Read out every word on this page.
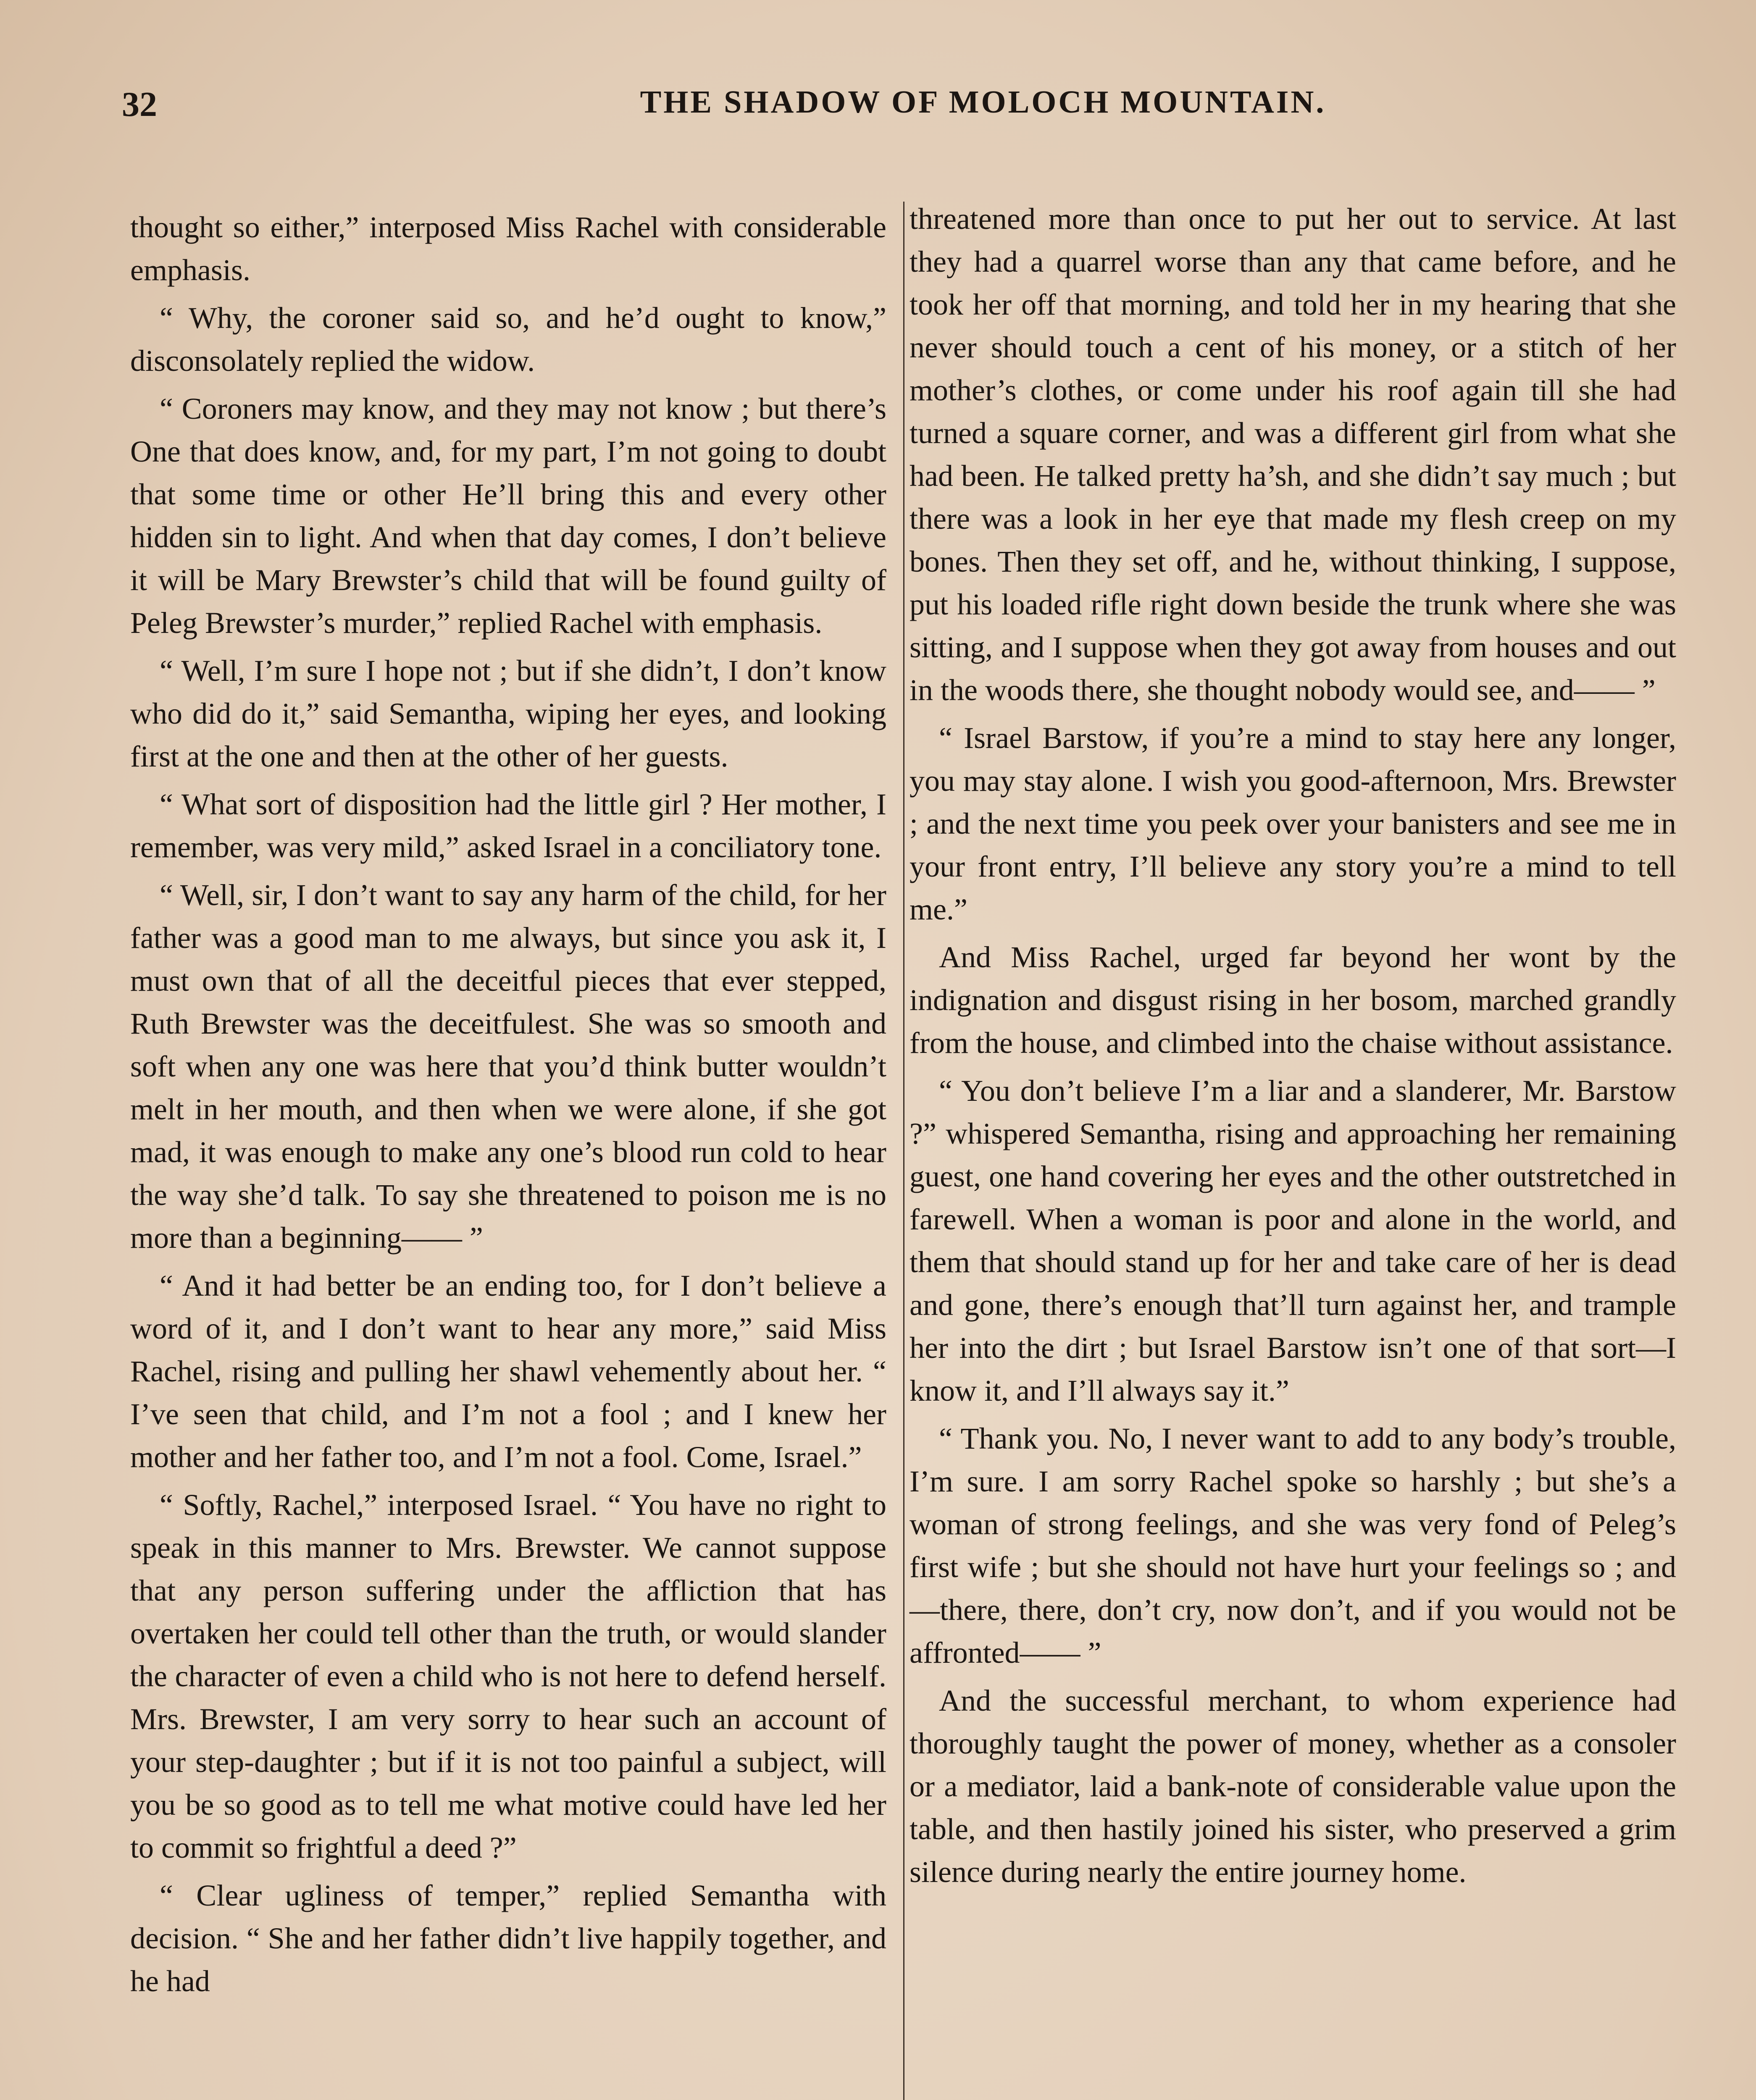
32	THE SHADOW OF MOLOCH MOUNTAIN.

thought so either,” interposed Miss Rachel with considerable emphasis.

“ Why, the coroner said so, and he’d ought to know,” disconsolately replied the widow.

“ Coroners may know, and they may not know ; but there’s One that does know, and, for my part, I’m not going to doubt that some time or other He’ll bring this and every other hidden sin to light. And when that day comes, I don’t believe it will be Mary Brewster’s child that will be found guilty of Peleg Brewster’s murder,” replied Rachel with emphasis.

“ Well, I’m sure I hope not ; but if she didn’t, I don’t know who did do it,” said Semantha, wiping her eyes, and looking first at the one and then at the other of her guests.

“ What sort of disposition had the little girl ? Her mother, I remember, was very mild,” asked Israel in a conciliatory tone.

“ Well, sir, I don’t want to say any harm of the child, for her father was a good man to me always, but since you ask it, I must own that of all the deceitful pieces that ever stepped, Ruth Brewster was the deceitfulest. She was so smooth and soft when any one was here that you’d think butter wouldn’t melt in her mouth, and then when we were alone, if she got mad, it was enough to make any one’s blood run cold to hear the way she’d talk. To say she threatened to poison me is no more than a beginning—— ”

“ And it had better be an ending too, for I don’t believe a word of it, and I don’t want to hear any more,” said Miss Rachel, rising and pulling her shawl vehemently about her. “ I’ve seen that child, and I’m not a fool ; and I knew her mother and her father too, and I’m not a fool. Come, Israel.”

“ Softly, Rachel,” interposed Israel. “ You have no right to speak in this manner to Mrs. Brewster. We cannot suppose that any person suffering under the affliction that has overtaken her could tell other than the truth, or would slander the character of even a child who is not here to defend herself. Mrs. Brewster, I am very sorry to hear such an account of your step-daughter ; but if it is not too painful a subject, will you be so good as to tell me what motive could have led her to commit so frightful a deed ?”

“ Clear ugliness of temper,” replied Semantha with decision. “ She and her father didn’t live happily together, and he had

threatened more than once to put her out to service. At last they had a quarrel worse than any that came before, and he took her off that morning, and told her in my hearing that she never should touch a cent of his money, or a stitch of her mother’s clothes, or come under his roof again till she had turned a square corner, and was a different girl from what she had been. He talked pretty ha’sh, and she didn’t say much ; but there was a look in her eye that made my flesh creep on my bones. Then they set off, and he, without thinking, I suppose, put his loaded rifle right down beside the trunk where she was sitting, and I suppose when they got away from houses and out in the woods there, she thought nobody would see, and—— ”

“ Israel Barstow, if you’re a mind to stay here any longer, you may stay alone. I wish you good-afternoon, Mrs. Brewster ; and the next time you peek over your banisters and see me in your front entry, I’ll believe any story you’re a mind to tell me.”

And Miss Rachel, urged far beyond her wont by the indignation and disgust rising in her bosom, marched grandly from the house, and climbed into the chaise without assistance.

“ You don’t believe I’m a liar and a slanderer, Mr. Barstow ?” whispered Semantha, rising and approaching her remaining guest, one hand covering her eyes and the other outstretched in farewell. When a woman is poor and alone in the world, and them that should stand up for her and take care of her is dead and gone, there’s enough that’ll turn against her, and trample her into the dirt ; but Israel Barstow isn’t one of that sort—I know it, and I’ll always say it.”

“ Thank you. No, I never want to add to any body’s trouble, I’m sure. I am sorry Rachel spoke so harshly ; but she’s a woman of strong feelings, and she was very fond of Peleg’s first wife ; but she should not have hurt your feelings so ; and—there, there, don’t cry, now don’t, and if you would not be affronted—— ”

And the successful merchant, to whom experience had thoroughly taught the power of money, whether as a consoler or a mediator, laid a bank-note of considerable value upon the table, and then hastily joined his sister, who preserved a grim silence during nearly the entire journey home.
